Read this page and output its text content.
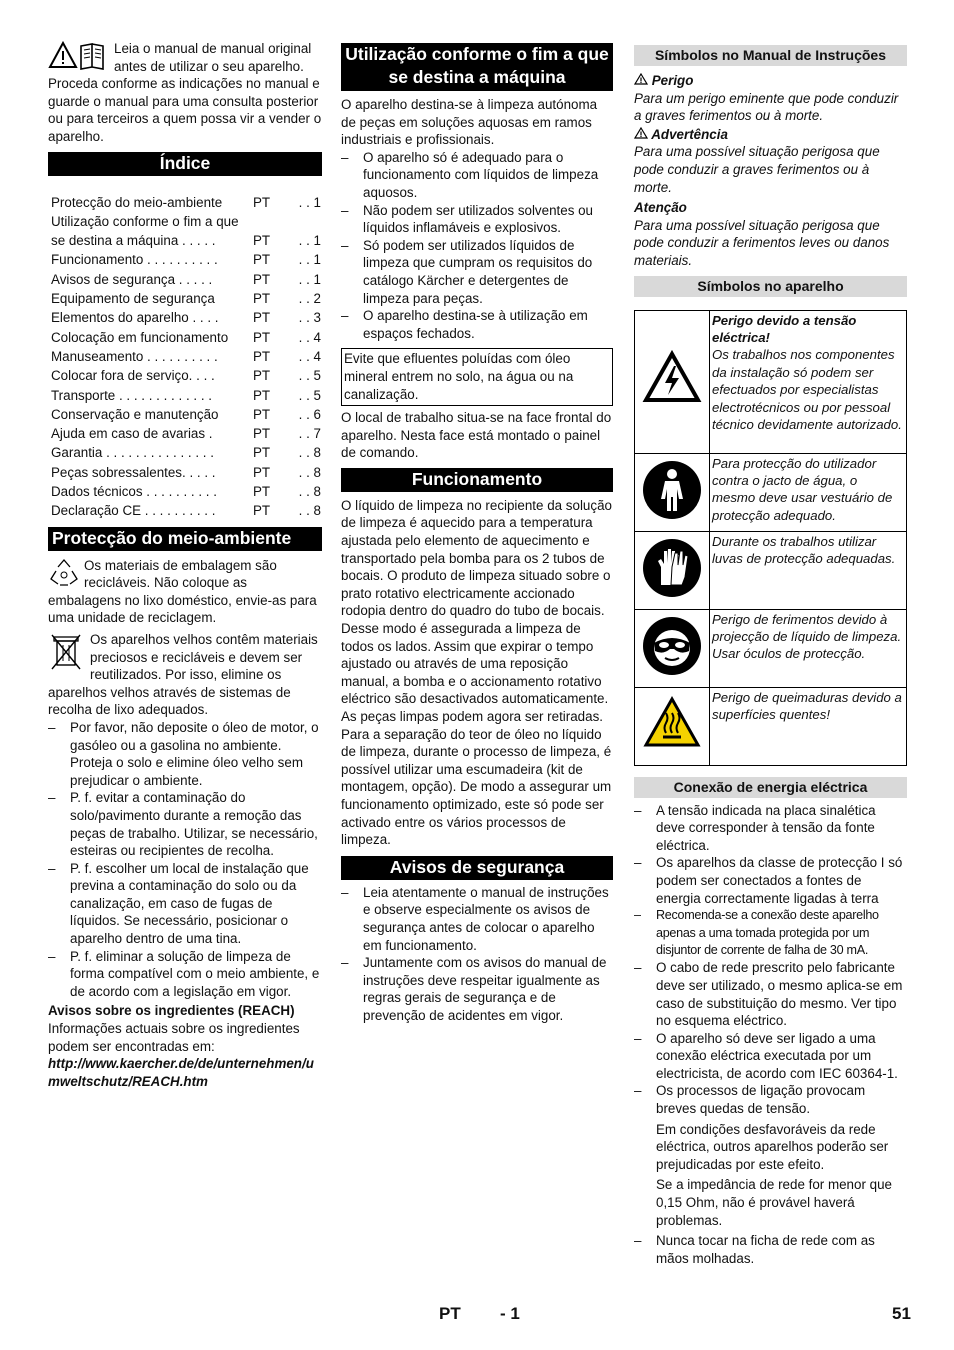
Leia o manual de manual original antes de utilizar o seu aparelho. Proceda conforme as indicações no manual e guarde o manual para uma consulta posterior ou para terceiros a quem possa vir a vender o aparelho.

Índice
Protecção do meio-ambiente	PT	. . 1
Utilização conforme o fim a que se destina a máquina . . . . .	PT	. . 1
Funcionamento . . . . . . . . . .	PT	. . 1
Avisos de segurança . . . . .	PT	. . 1
Equipamento de segurança	PT	. . 2
Elementos do aparelho . . . .	PT	. . 3
Colocação em funcionamento	PT	. . 4
Manuseamento . . . . . . . . . .	PT	. . 4
Colocar fora de serviço. . . .	PT	. . 5
Transporte . . . . . . . . . . . . .	PT	. . 5
Conservação e manutenção	PT	. . 6
Ajuda em caso de avarias .	PT	. . 7
Garantia . . . . . . . . . . . . . . .	PT	. . 8
Peças sobressalentes. . . . .	PT	. . 8
Dados técnicos . . . . . . . . . .	PT	. . 8
Declaração CE . . . . . . . . . .	PT	. . 8
Protecção do meio-ambiente

Os materiais de embalagem são recicláveis. Não coloque as embalagens no lixo doméstico, envie-as para uma unidade de reciclagem.

Os aparelhos velhos contêm materiais preciosos e recicláveis e devem ser reutilizados. Por isso, elimine os aparelhos velhos através de sistemas de recolha de lixo adequados.

– Por favor, não deposite o óleo de motor, o gasóleo ou a gasolina no ambiente. Proteja o solo e elimine óleo velho sem prejudicar o ambiente.
– P. f. evitar a contaminação do solo/pavimento durante a remoção das peças de trabalho. Utilizar, se necessário, esteiras ou recipientes de recolha.
– P. f. escolher um local de instalação que previna a contaminação do solo ou da canalização, em caso de fugas de líquidos. Se necessário, posicionar o aparelho dentro de uma tina.
– P. f. eliminar a solução de limpeza de forma compatível com o meio ambiente, e de acordo com a legislação em vigor.

Avisos sobre os ingredientes (REACH)

Informações actuais sobre os ingredientes podem ser encontradas em:

http://www.kaercher.de/de/unternehmen/umweltschutz/REACH.htm

Utilização conforme o fim a que se destina a máquina

O aparelho destina-se à limpeza autónoma de peças em soluções aquosas em ramos industriais e profissionais.

– O aparelho só é adequado para o funcionamento com líquidos de limpeza aquosos.
– Não podem ser utilizados solventes ou líquidos inflamáveis e explosivos.
– Só podem ser utilizados líquidos de limpeza que cumpram os requisitos do catálogo Kärcher e detergentes de limpeza para peças.
– O aparelho destina-se à utilização em espaços fechados.

Evite que efluentes poluídas com óleo mineral entrem no solo, na água ou na canalização.

O local de trabalho situa-se na face frontal do aparelho. Nesta face está montado o painel de comando.

Funcionamento

O líquido de limpeza no recipiente da solução de limpeza é aquecido para a temperatura ajustada pelo elemento de aquecimento e transportado pela bomba para os 2 tubos de bocais. O produto de limpeza situado sobre o prato rotativo electricamente accionado rodopia dentro do quadro do tubo de bocais. Desse modo é assegurada a limpeza de todos os lados. Assim que expirar o tempo ajustado ou através de uma reposição manual, a bomba e o accionamento rotativo eléctrico são desactivados automaticamente. As peças limpas podem agora ser retiradas.

Para a separação do teor de óleo no líquido de limpeza, durante o processo de limpeza, é possível utilizar uma escumadeira (kit de montagem, opção). De modo a assegurar um funcionamento optimizado, este só pode ser activado entre os vários processos de limpeza.

Avisos de segurança
– Leia atentamente o manual de instruções e observe especialmente os avisos de segurança antes de colocar o aparelho em funcionamento.
– Juntamente com os avisos do manual de instruções deve respeitar igualmente as regras gerais de segurança e de prevenção de acidentes em vigor.
Símbolos no Manual de Instruções

Perigo

Para um perigo eminente que pode conduzir a graves ferimentos ou à morte.

Advertência

Para uma possível situação perigosa que pode conduzir a graves ferimentos ou à morte.

Atenção

Para uma possível situação perigosa que pode conduzir a ferimentos leves ou danos materiais.

Símbolos no aparelho

Perigo devido a tensão eléctrica!
Os trabalhos nos componentes da instalação só podem ser efectuados por especialistas electrotécnicos ou por pessoal técnico devidamente autorizado.
	Para protecção do utilizador contra o jacto de água, o mesmo deve usar vestuário de protecção adequado.
	Durante os trabalhos utilizar luvas de protecção adequadas.
	Perigo de ferimentos devido à projecção de líquido de limpeza. Usar óculos de protecção.
	Perigo de queimaduras devido a superfícies quentes!
Conexão de energia eléctrica
– A tensão indicada na placa sinalética deve corresponder à tensão da fonte eléctrica.
– Os aparelhos da classe de protecção I só podem ser conectados a fontes de energia correctamente ligadas à terra
– Recomenda-se a conexão deste aparelho apenas a uma tomada protegida por um disjuntor de corrente de falha de 30 mA.
– O cabo de rede prescrito pelo fabricante deve ser utilizado, o mesmo aplica-se em caso de substituição do mesmo. Ver tipo no esquema eléctrico.
– O aparelho só deve ser ligado a uma conexão eléctrica executada por um electricista, de acordo com IEC 60364-1.
– Os processos de ligação provocam breves quedas de tensão.

Em condições desfavoráveis da rede eléctrica, outros aparelhos poderão ser prejudicadas por este efeito.

Se a impedância de rede for menor que 0,15 Ohm, não é provável haverá problemas.

– Nunca tocar na ficha de rede com as mãos molhadas.
PT - 1	51
